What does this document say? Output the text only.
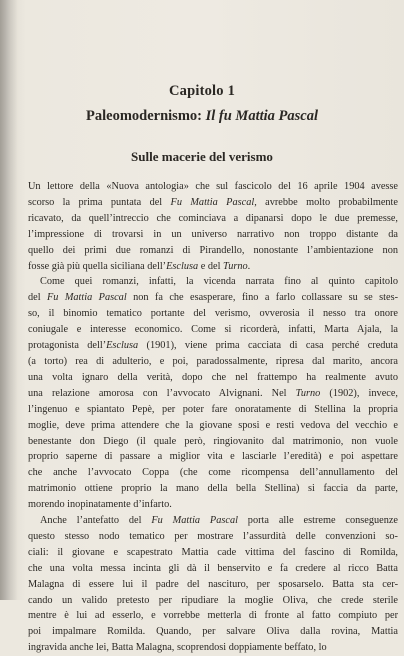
Capitolo 1
Paleomodernismo: Il fu Mattia Pascal
Sulle macerie del verismo
Un lettore della «Nuova antologia» che sul fascicolo del 16 aprile 1904 avesse
scorso la prima puntata del Fu Mattia Pascal, avrebbe molto probabilmente
ricavato, da quell’intreccio che cominciava a dipanarsi dopo le due premesse,
l’impressione di trovarsi in un universo narrativo non troppo distante da
quello dei primi due romanzi di Pirandello, nonostante l’ambientazione non
fosse già più quella siciliana dell’Esclusa e del Turno.
Come quei romanzi, infatti, la vicenda narrata fino al quinto capitolo
del Fu Mattia Pascal non fa che esasperare, fino a farlo collassare su se stes-
so, il binomio tematico portante del verismo, ovverosia il nesso tra onore
coniugale e interesse economico. Come si ricorderà, infatti, Marta Ajala, la
protagonista dell’Esclusa (1901), viene prima cacciata di casa perché creduta
(a torto) rea di adulterio, e poi, paradossalmente, ripresa dal marito, ancora
una volta ignaro della verità, dopo che nel frattempo ha realmente avuto
una relazione amorosa con l’avvocato Alvignani. Nel Turno (1902), invece,
l’ingenuo e spiantato Pepè, per poter fare onoratamente di Stellina la propria
moglie, deve prima attendere che la giovane sposi e resti vedova del vecchio e
benestante don Diego (il quale però, ringiovanito dal matrimonio, non vuole
proprio saperne di passare a miglior vita e lasciarle l’eredità) e poi aspettare
che anche l’avvocato Coppa (che come ricompensa dell’annullamento del
matrimonio ottiene proprio la mano della bella Stellina) si faccia da parte,
morendo inopinatamente d’infarto.
Anche l’antefatto del Fu Mattia Pascal porta alle estreme conseguenze
questo stesso nodo tematico per mostrare l’assurdità delle convenzioni so-
ciali: il giovane e scapestrato Mattia cade vittima del fascino di Romilda,
che una volta messa incinta gli dà il benservito e fa credere al ricco Batta
Malagna di essere lui il padre del nascituro, per sposarselo. Batta sta cer-
cando un valido pretesto per ripudiare la moglie Oliva, che crede sterile
mentre è lui ad esserlo, e vorrebbe metterla di fronte al fatto compiuto per
poi impalmare Romilda. Quando, per salvare Oliva dalla rovina, Mattia
ingravida anche lei, Batta Malagna, scoprendosi doppiamente beffato, lo
